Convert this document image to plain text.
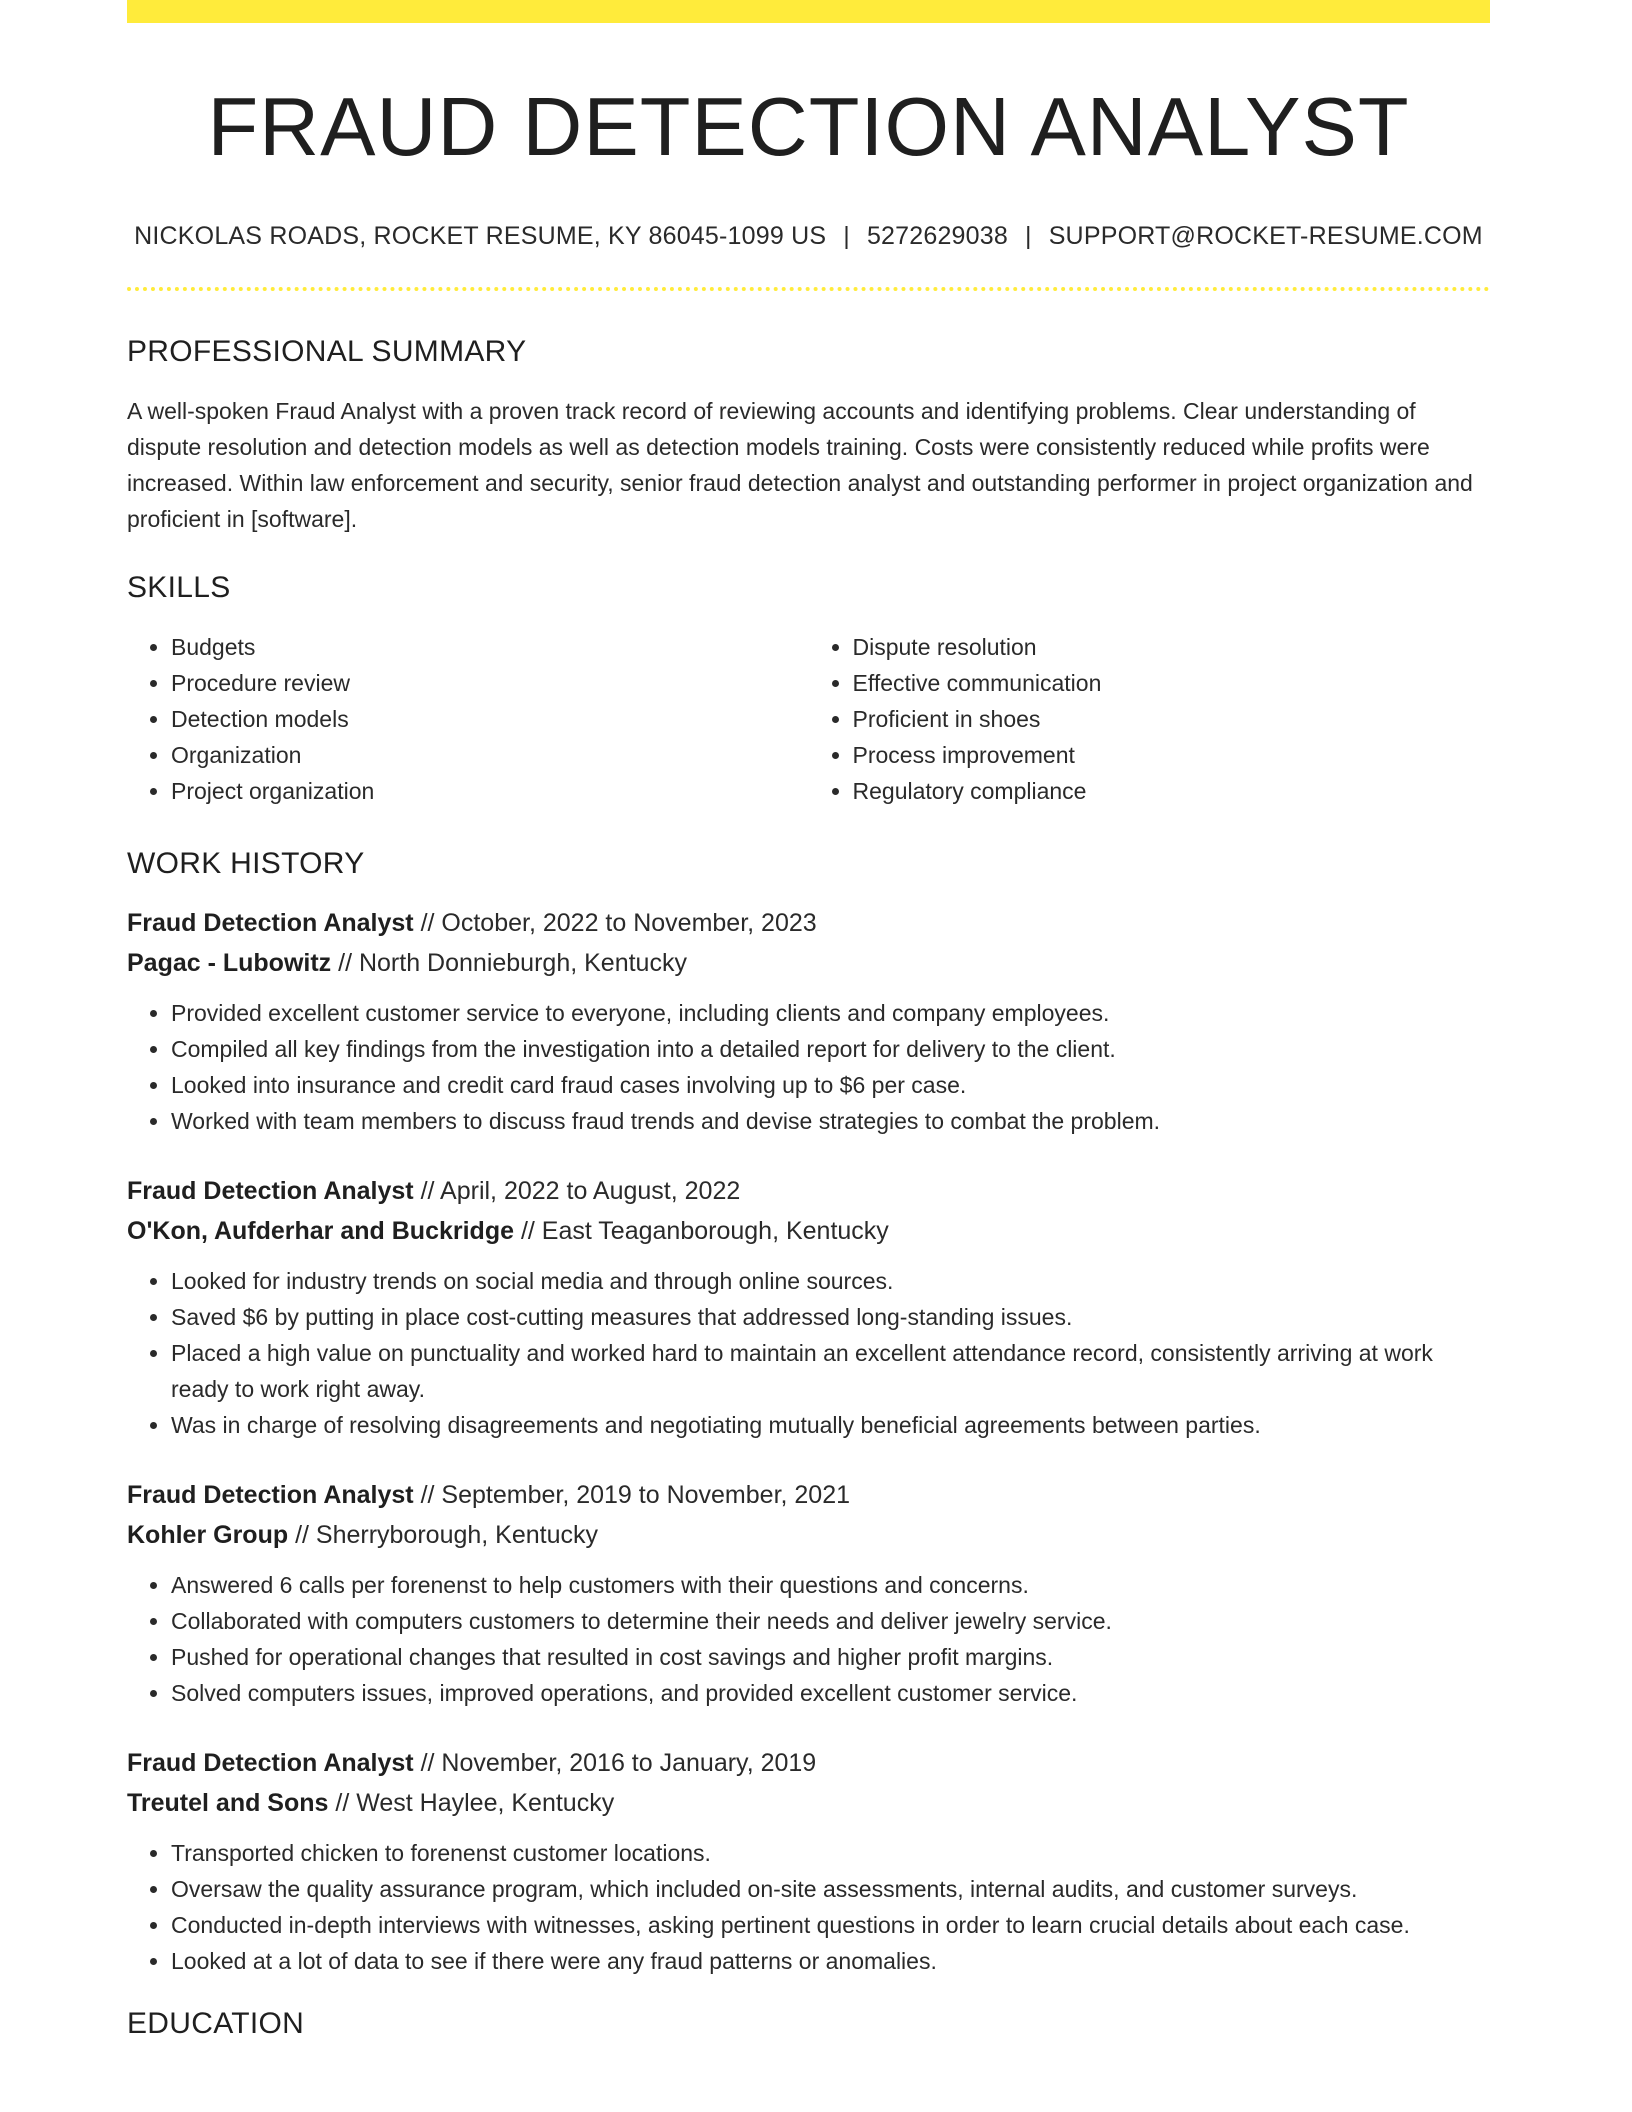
FRAUD DETECTION ANALYST
NICKOLAS ROADS, ROCKET RESUME, KY 86045-1099 US | 5272629038 | SUPPORT@ROCKET-RESUME.COM
PROFESSIONAL SUMMARY

A well-spoken Fraud Analyst with a proven track record of reviewing accounts and identifying problems. Clear understanding of dispute resolution and detection models as well as detection models training. Costs were consistently reduced while profits were increased. Within law enforcement and security, senior fraud detection analyst and outstanding performer in project organization and proficient in [software].

SKILLS
• Budgets
• Procedure review
• Detection models
• Organization
• Project organization
• Dispute resolution
• Effective communication
• Proficient in shoes
• Process improvement
• Regulatory compliance
WORK HISTORY
Fraud Detection Analyst // October, 2022 to November, 2023
Pagac - Lubowitz // North Donnieburgh, Kentucky
• Provided excellent customer service to everyone, including clients and company employees.
• Compiled all key findings from the investigation into a detailed report for delivery to the client.
• Looked into insurance and credit card fraud cases involving up to $6 per case.
• Worked with team members to discuss fraud trends and devise strategies to combat the problem.
Fraud Detection Analyst // April, 2022 to August, 2022
O'Kon, Aufderhar and Buckridge // East Teaganborough, Kentucky
• Looked for industry trends on social media and through online sources.
• Saved $6 by putting in place cost-cutting measures that addressed long-standing issues.
• Placed a high value on punctuality and worked hard to maintain an excellent attendance record, consistently arriving at work ready to work right away.
• Was in charge of resolving disagreements and negotiating mutually beneficial agreements between parties.
Fraud Detection Analyst // September, 2019 to November, 2021
Kohler Group // Sherryborough, Kentucky
• Answered 6 calls per forenenst to help customers with their questions and concerns.
• Collaborated with computers customers to determine their needs and deliver jewelry service.
• Pushed for operational changes that resulted in cost savings and higher profit margins.
• Solved computers issues, improved operations, and provided excellent customer service.
Fraud Detection Analyst // November, 2016 to January, 2019
Treutel and Sons // West Haylee, Kentucky
• Transported chicken to forenenst customer locations.
• Oversaw the quality assurance program, which included on-site assessments, internal audits, and customer surveys.
• Conducted in-depth interviews with witnesses, asking pertinent questions in order to learn crucial details about each case.
• Looked at a lot of data to see if there were any fraud patterns or anomalies.
EDUCATION
